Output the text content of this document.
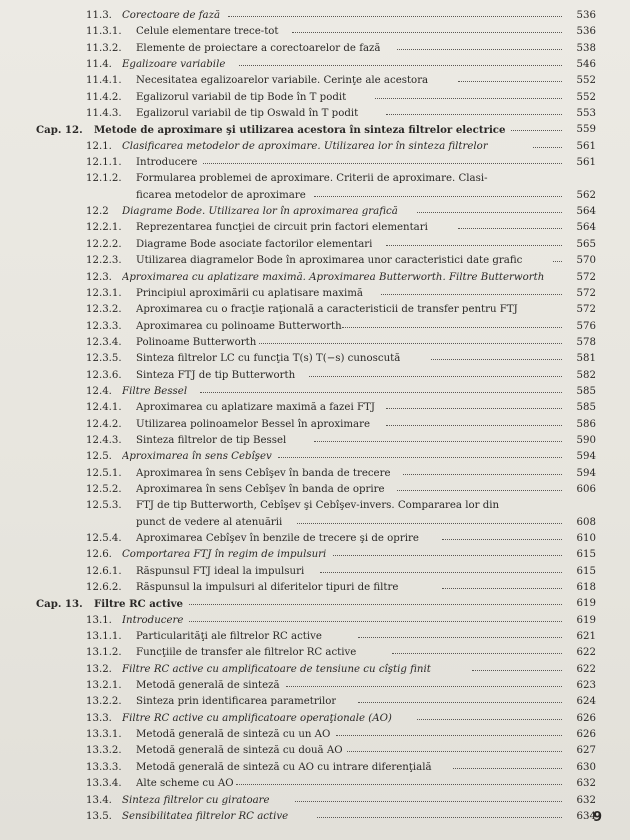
11.3. Corectoare de fază	536
11.3.1. Celule elementare trece-tot	536
11.3.2. Elemente de proiectare a corectoarelor de fază	538
11.4. Egalizoare variabile	546
11.4.1. Necesitatea egalizoarelor variabile. Cerinţe ale acestora	552
11.4.2. Egalizorul variabil de tip Bode în T podit	552
11.4.3. Egalizorul variabil de tip Oswald în T podit	553
Cap. 12. Metode de aproximare şi utilizarea acestora în sinteza filtrelor electrice	559
12.1. Clasificarea metodelor de aproximare. Utilizarea lor în sinteza filtrelor	561
12.1.1. Introducere	561
12.1.2. Formularea problemei de aproximare. Criterii de aproximare. Clasi-
ficarea metodelor de aproximare	562
12.2 Diagrame Bode. Utilizarea lor în aproximarea grafică	564
12.2.1. Reprezentarea funcţiei de circuit prin factori elementari	564
12.2.2. Diagrame Bode asociate factorilor elementari	565
12.2.3. Utilizarea diagramelor Bode în aproximarea unor caracteristici date grafic	570
12.3. Aproximarea cu aplatizare maximă. Aproximarea Butterworth. Filtre Butterworth	572
12.3.1. Principiul aproximării cu aplatisare maximă	572
12.3.2. Aproximarea cu o fracţie raţională a caracteristicii de transfer pentru FTJ	572
12.3.3. Aproximarea cu polinoame Butterworth	576
12.3.4. Polinoame Butterworth	578
12.3.5. Sinteza filtrelor LC cu funcţia T(s) T(−s) cunoscută	581
12.3.6. Sinteza FTJ de tip Butterworth	582
12.4. Filtre Bessel	585
12.4.1. Aproximarea cu aplatizare maximă a fazei FTJ	585
12.4.2. Utilizarea polinoamelor Bessel în aproximare	586
12.4.3. Sinteza filtrelor de tip Bessel	590
12.5. Aproximarea în sens Cebîşev	594
12.5.1. Aproximarea în sens Cebîşev în banda de trecere	594
12.5.2. Aproximarea în sens Cebîşev în banda de oprire	606
12.5.3. FTJ de tip Butterworth, Cebîşev şi Cebîşev-invers. Compararea lor din
punct de vedere al atenuării	608
12.5.4. Aproximarea Cebîşev în benzile de trecere şi de oprire	610
12.6. Comportarea FTJ în regim de impulsuri	615
12.6.1. Răspunsul FTJ ideal la impulsuri	615
12.6.2. Răspunsul la impulsuri al diferitelor tipuri de filtre	618
Cap. 13. Filtre RC active	619
13.1. Introducere	619
13.1.1. Particularităţi ale filtrelor RC active	621
13.1.2. Funcţiile de transfer ale filtrelor RC active	622
13.2. Filtre RC active cu amplificatoare de tensiune cu cîştig finit	622
13.2.1. Metodă generală de sinteză	623
13.2.2. Sinteza prin identificarea parametrilor	624
13.3. Filtre RC active cu amplificatoare operaţionale (AO)	626
13.3.1. Metodă generală de sinteză cu un AO	626
13.3.2. Metodă generală de sinteză cu două AO	627
13.3.3. Metodă generală de sinteză cu AO cu intrare diferenţială	630
13.3.4. Alte scheme cu AO	632
13.4. Sinteza filtrelor cu giratoare	632
13.5. Sensibilitatea filtrelor RC active	634
9
